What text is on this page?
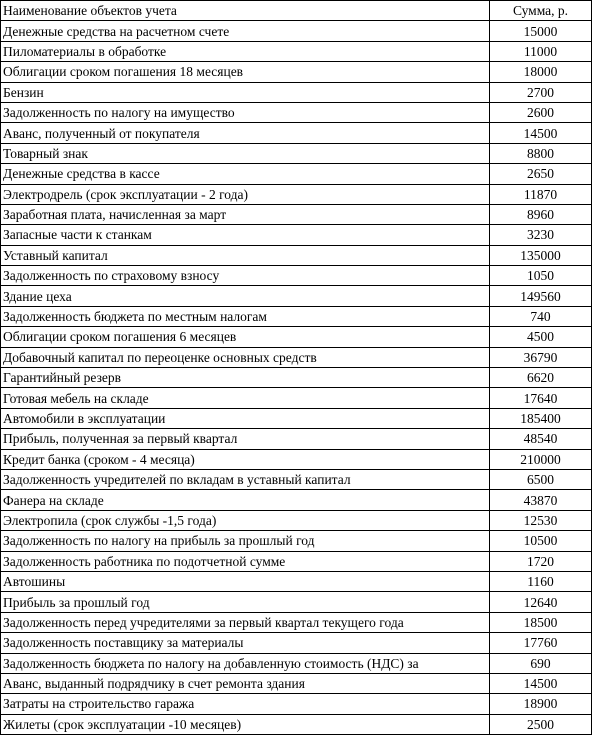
Наименование объектов учета	Сумма, р.
Денежные средства на расчетном счете	15000
Пиломатериалы в обработке	11000
Облигации сроком погашения 18 месяцев	18000
Бензин	2700
Задолженность по налогу на имущество	2600
Аванс, полученный от покупателя	14500
Товарный знак	8800
Денежные средства в кассе	2650
Электродрель (срок эксплуатации - 2 года)	11870
Заработная плата, начисленная за март	8960
Запасные части к станкам	3230
Уставный капитал	135000
Задолженность по страховому взносу	1050
Здание цеха	149560
Задолженность бюджета по местным налогам	740
Облигации сроком погашения 6 месяцев	4500
Добавочный капитал по переоценке основных средств	36790
Гарантийный резерв	6620
Готовая мебель на складе	17640
Автомобили в эксплуатации	185400
Прибыль, полученная за первый квартал	48540
Кредит банка (сроком - 4 месяца)	210000
Задолженность учредителей по вкладам в уставный капитал	6500
Фанера на складе	43870
Электропила (срок службы -1,5 года)	12530
Задолженность по налогу на прибыль за прошлый год	10500
Задолженность работника по подотчетной сумме	1720
Автошины	1160
Прибыль за прошлый год	12640
Задолженность перед учредителями за первый квартал текущего года	18500
Задолженность поставщику за материалы	17760
Задолженность бюджета по налогу на добавленную стоимость (НДС) за	690
Аванс, выданный подрядчику в счет ремонта здания	14500
Затраты на строительство гаража	18900
Жилеты (срок эксплуатации -10 месяцев)	2500
